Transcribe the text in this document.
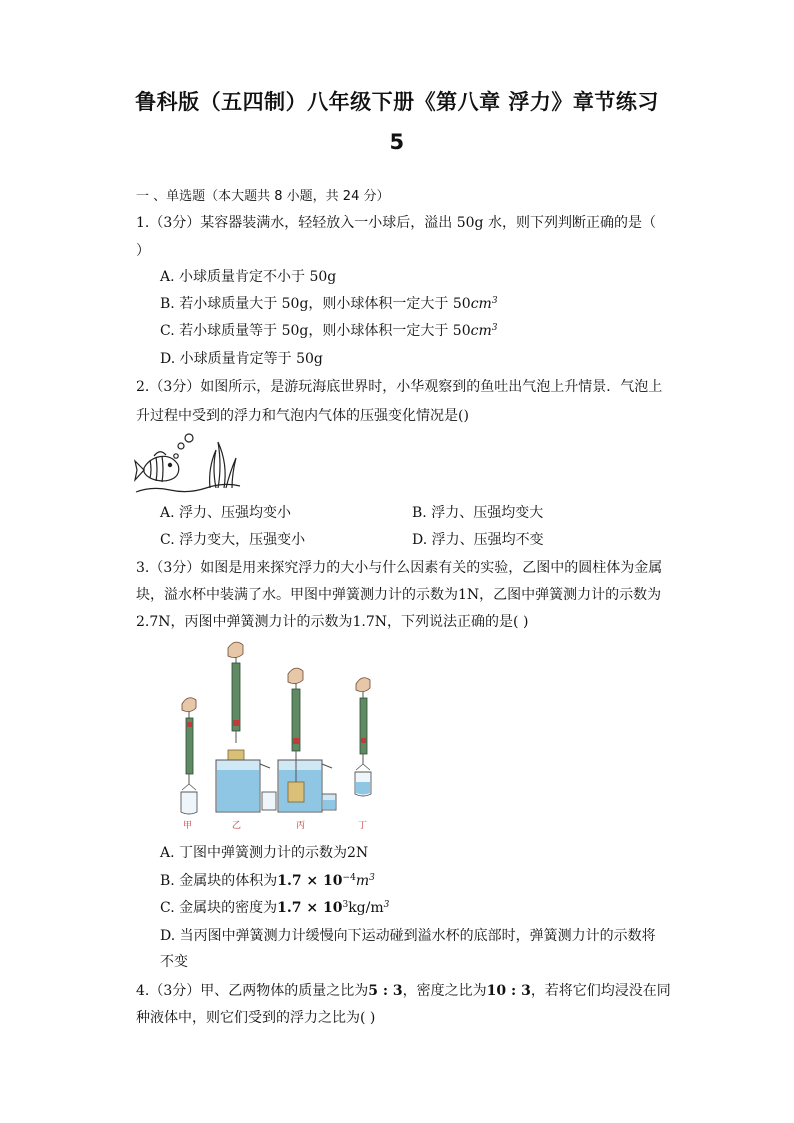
鲁科版（五四制）八年级下册《第八章 浮力》章节练习
5
一 、单选题（本大题共 8 小题，共 24 分）
1.（3分）某容器装满水，轻轻放入一小球后，溢出 50g 水，则下列判断正确的是（
）
A. 小球质量肯定不小于 50g
B. 若小球质量大于 50g，则小球体积一定大于 $50cm^3$
C. 若小球质量等于 50g，则小球体积一定大于 $50cm^3$
D. 小球质量肯定等于 50g
2.（3分）如图所示，是游玩海底世界时，小华观察到的鱼吐出气泡上升情景．气泡上
升过程中受到的浮力和气泡内气体的压强变化情况是()
A. 浮力、压强均变小	B. 浮力、压强均变大
C. 浮力变大，压强变小	D. 浮力、压强均不变
3.（3分）如图是用来探究浮力的大小与什么因素有关的实验，乙图中的圆柱体为金属
块，溢水杯中装满了水。甲图中弹簧测力计的示数为1N，乙图中弹簧测力计的示数为
2.7N，丙图中弹簧测力计的示数为1.7N，下列说法正确的是( )
甲	乙	丙	丁
A. 丁图中弹簧测力计的示数为2N
B. 金属块的体积为$1.7 \times 10^{-4}m^3$
C. 金属块的密度为$1.7 \times 10^3kg/m^3$
D. 当丙图中弹簧测力计缓慢向下运动碰到溢水杯的底部时，弹簧测力计的示数将
不变
4.（3分）甲、乙两物体的质量之比为5 : 3，密度之比为10 : 3，若将它们均浸没在同
种液体中，则它们受到的浮力之比为( )
